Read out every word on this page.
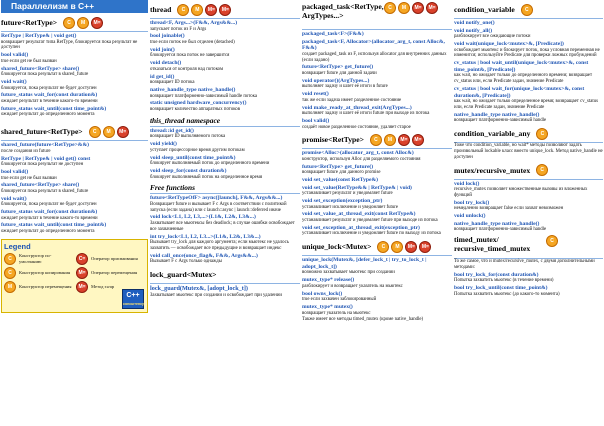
Параллелизм в C++
future<RetType>	C	M	M=
RetType | RetType& | void get()
возвращает результат типа RetType, блокируется пока результат не доступен
bool valid()
true если get не был вызван
shared_future<RetType> share()
блокируется пока результат в shared_future
void wait()
блокируется, пока результат не будет доступен
future_status wait_for(const duration&)
ожидает результат в течение какого-то времени
future_status wait_until(const time_point&)
ожидает результат до определенного момента
shared_future<RetType>	C	M	M=
shared_future(future<RetType>&&)
после создания из future
RetType | RetType& | void get() const
блокируется пока результат не доступен
bool valid()
true если get не был вызван
shared_future<RetType> share()
блокируется пока результат в shared_future
void wait()
блокируется, пока результат не будет доступен
future_status wait_for(const duration&)
ожидает результат в течение какого-то времени
future_status wait_until(const time_point&)
ожидает результат до определенного момента
Legend
C	Конструктор по-умолчанию	C=	Оператор присваивания
C	Конструктор копирования	M=	Оператор перемещения
M	Конструктор перемещения	M=	Метод swap
C++
concurrency
thread	C	M	M=	M=
thread<F, Args...>(F&&, Args&&...)
запускает поток из F и Args
bool joinable()
true если поток не был отделен (detached)
void join()
блокируется пока поток не завершится
void detach()
отказаться от контроля над потоком
id get_id()
возвращает ID потока
native_handle_type native_handle()
возвращает платформенно-зависимый handle потока
static unsigned hardware_concurrency()
возвращает количество аппаратных потоков
this_thread namespace
thread::id get_id()
возвращает ID выполняемого потока
void yield()
уступает процессорное время другим потокам
void sleep_until(const time_point&)
блокирует выполняемый поток до определенного времени
void sleep_for(const duration&)
блокирует выполняемый поток на определенное время
Free functions
future<RetTypeOfF> async([launch], F&&, Args&&...)
Возвращает future и вызывает F с Args в соответствии с политикой запуска (если задана) или с launch::async | launch::deferred иначе
void lock<L1, L2, L3,...>(L1&, L2&, L3&...)
Захватывает все мьютексы без deadlock; в случае ошибки освобождает все захваченные
int try_lock<L1, L2, L3...>(L1&, L2&, L3&...)
Вызывает try_lock для каждого аргумента; если мьютекс не удалось захватить — освобождает все предыдущие и возвращает индекс
void call_once(once_flag&, F&&, Args&&...)
Вызывает F с Args только однажды
lock_guard<Mutex>
lock_guard(Mutex&, [adopt_lock_t])
Захватывает мьютекс при создании и освобождает при удалении
packaged_task<RetType, ArgTypes...>
C	M	M=	M=
packaged_task<F>(F&&)
packaged_task<F, Allocator>(allocator_arg_t, const Alloc&, F&&)
создает packaged_task из F, используя allocator для внутренних данных (если задано)
future<RetType> get_future()
возвращает future для данной задачи
void operator()(ArgTypes...)
выполняет задачу и шлет её итоги в future
void reset()
так же если задача имеет разделенное состояние
void make_ready_at_thread_exit(ArgTypes...)
выполняет задачу и шлет её итоги future при выходе из потока
bool valid()
создаёт новое разделенное состояние, удаляет старое
promise<RetType>	C	M	M=	M=
promise<Alloc>(allocator_arg_t, const Alloc&)
конструктор, используя Alloc для разделяемого состояния
future<RetType> get_future()
возвращает future для данного promise
void set_value(const RetType&)
void set_value(RetType&& | RetType& | void)
устанавливает результат и уведомляет future
void set_exception(exception_ptr)
устанавливает исключение и уведомляет future
void set_value_at_thread_exit(const RetType&)
устанавливает результат и уведомляет future при выходе из потока
void set_exception_at_thread_exit(exception_ptr)
устанавливает исключение и уведомляет future по выходу из потока
unique_lock<Mutex>	C	M	M=	M=
unique_lock(Mutex&, [defer_lock_t | try_to_lock_t | adopt_lock_t])
возможно захватывает мьютекс при создании
mutex_type* release()
разблокирует и возвращает указатель на мьютекс
bool owns_lock()
true если захвачен заблокированный
mutex_type* mutex()
возвращает указатель на мьютекс
Также имеет все методы timed_mutex (кроме native_handle)
condition_variable	C
void notify_one()
void notify_all()
разблокирует все ожидающие потоки
void wait(unique_lock<mutex>&, [Predicate])
освобождает мьютекс и блокирует поток, пока условная переменная не изменится; используйте Predicate для проверки ложных пробуждений
cv_status | bool wait_until(unique_lock<mutex>&, const time_point&, [Predicate])
как wait, но ожидает только до определенного времени; возвращает cv_status или, если Predicate задан, значение Predicate
cv_status | bool wait_for(unique_lock<mutex>&, const duration&, [Predicate])
как wait, но ожидает только определенное время; возвращает cv_status или, если Predicate задан, значение Predicate
native_handle_type native_handle()
возвращает платформенно-зависимый handle
condition_variable_any	C
Тоже что condition_variable, но wait* методы позволяют задать произвольный lockable класс вместо unique_lock. Метод native_handle не доступен
mutex/recursive_mutex	C
void lock()
recursive_mutex позволяет множественные вызовы из вложенных функций
bool try_lock()
немедленно возвращает false если захват невозможен
void unlock()
native_handle_type native_handle()
возвращает платформенно-зависимый handle
timed_mutex/ recursive_timed_mutex
C
То же самое, что и mutex/recursive_mutex, с двумя дополнительными методами:
bool try_lock_for(const duration&)
Попытка захватить мьютекс (в течение времени)
bool try_lock_until(const time_point&)
Попытка захватить мьютекс (до какого-то момента)
